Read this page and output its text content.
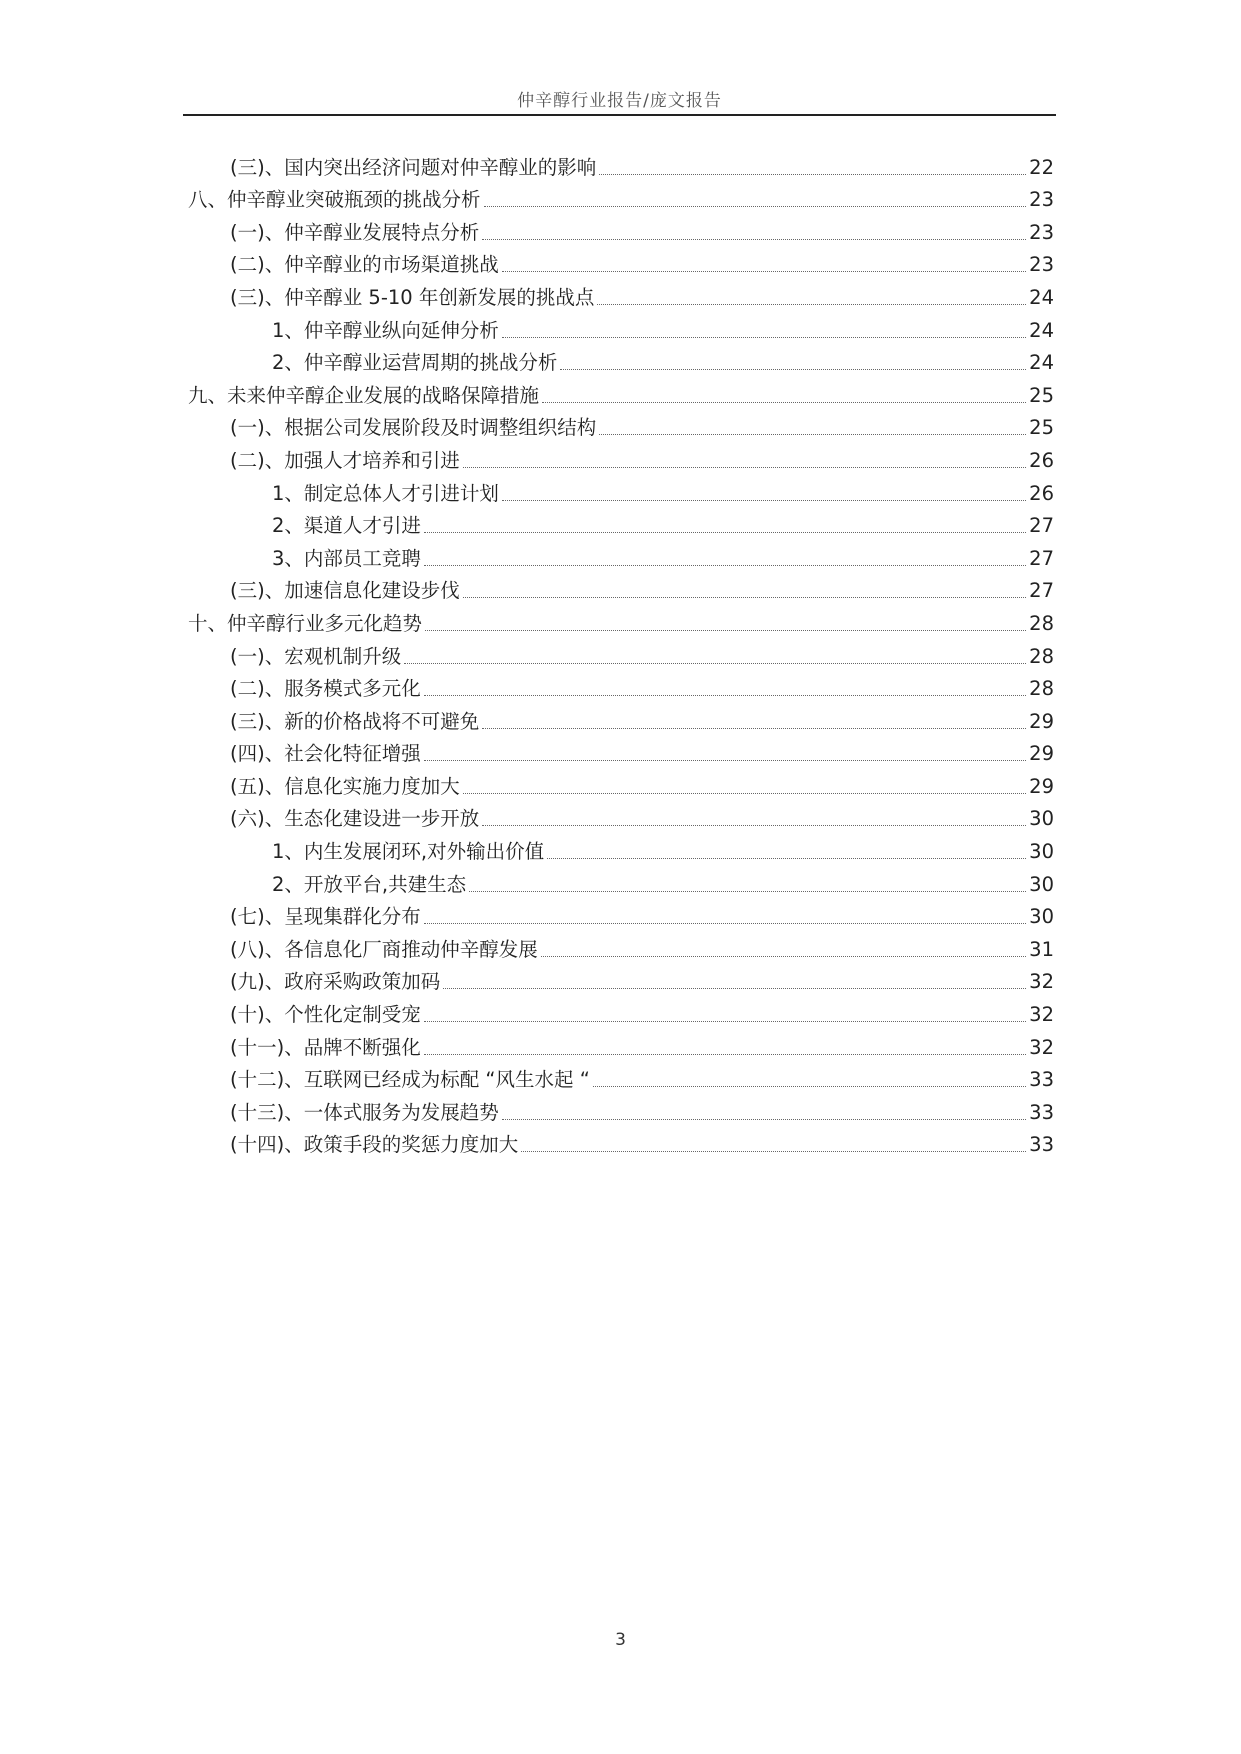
仲辛醇行业报告/庞文报告
(三)、国内突出经济问题对仲辛醇业的影响	22
八、仲辛醇业突破瓶颈的挑战分析	23
(一)、仲辛醇业发展特点分析	23
(二)、仲辛醇业的市场渠道挑战	23
(三)、仲辛醇业 5-10 年创新发展的挑战点	24
1、仲辛醇业纵向延伸分析	24
2、仲辛醇业运营周期的挑战分析	24
九、未来仲辛醇企业发展的战略保障措施	25
(一)、根据公司发展阶段及时调整组织结构	25
(二)、加强人才培养和引进	26
1、制定总体人才引进计划	26
2、渠道人才引进	27
3、内部员工竞聘	27
(三)、加速信息化建设步伐	27
十、仲辛醇行业多元化趋势	28
(一)、宏观机制升级	28
(二)、服务模式多元化	28
(三)、新的价格战将不可避免	29
(四)、社会化特征增强	29
(五)、信息化实施力度加大	29
(六)、生态化建设进一步开放	30
1、内生发展闭环,对外输出价值	30
2、开放平台,共建生态	30
(七)、呈现集群化分布	30
(八)、各信息化厂商推动仲辛醇发展	31
(九)、政府采购政策加码	32
(十)、个性化定制受宠	32
(十一)、品牌不断强化	32
(十二)、互联网已经成为标配 “风生水起 “	33
(十三)、一体式服务为发展趋势	33
(十四)、政策手段的奖惩力度加大	33
3
